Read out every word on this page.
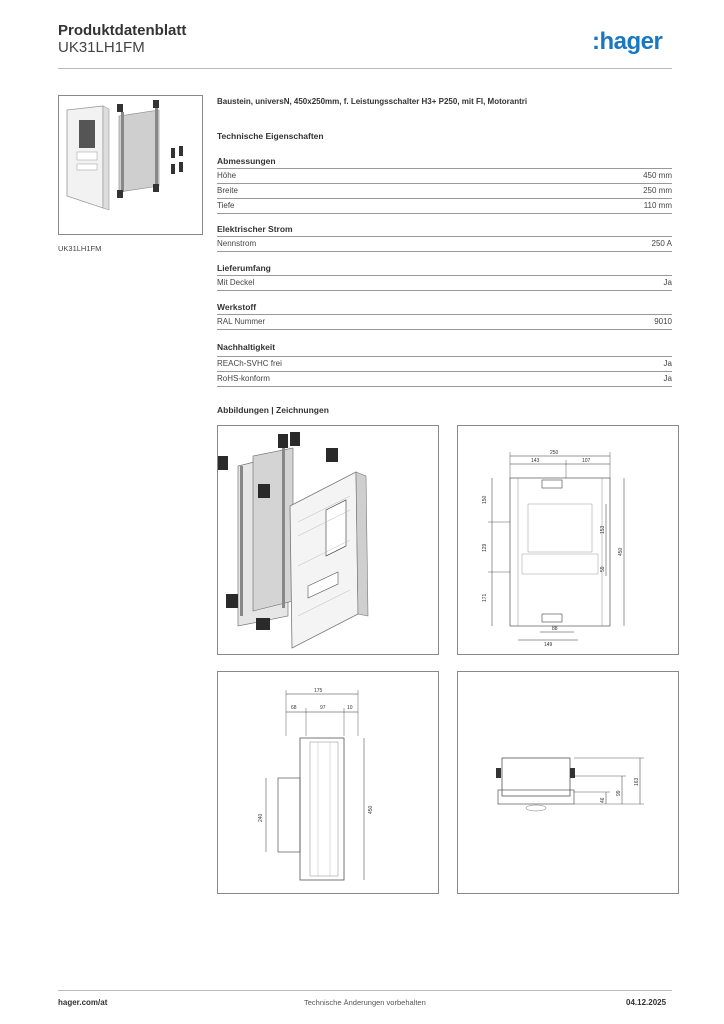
Produktdatenblatt
UK31LH1FM	:hager
UK31LH1FM
Baustein, universN, 450x250mm, f. Leistungsschalter H3+ P250, mit FI, Motorantri
Technische Eigenschaften
Abmessungen
Höhe	450 mm
Breite	250 mm
Tiefe	110 mm
Elektrischer Strom
Nennstrom	250 A
Lieferumfang
Mit Deckel	Ja
Werkstoff
RAL Nummer	9010
Nachhaltigkeit
REACh-SVHC frei	Ja
RoHS-konform	Ja
Abbildungen | Zeichnungen
250
143	107
150
129
171
153
59
450
88
149
175
68	97	10
240
450
163
99
46
hager.com/at	Technische Änderungen vorbehalten	04.12.2025
